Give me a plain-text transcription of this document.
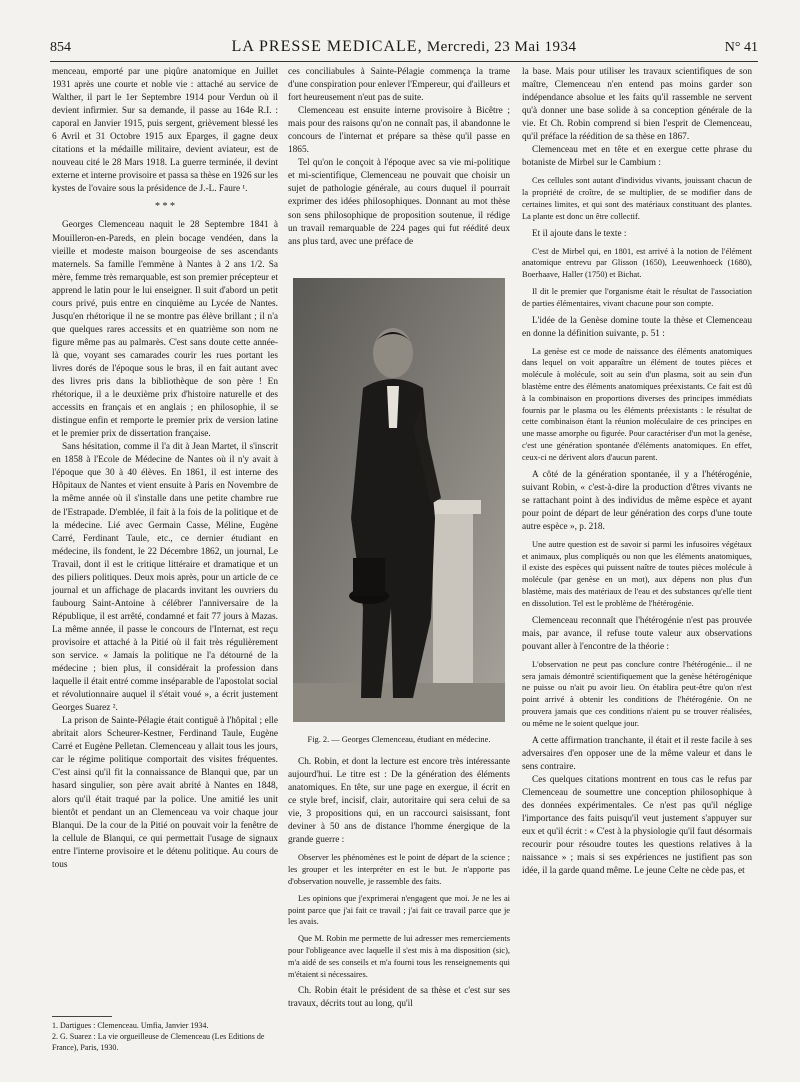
854	LA PRESSE MEDICALE, Mercredi, 23 Mai 1934	N° 41

menceau, emporté par une piqûre anatomique en Juillet 1931 après une courte et noble vie : attaché au service de Walther, il part le 1er Septembre 1914 pour Verdun où il devient infirmier. Sur sa demande, il passe au 164e R.I. : caporal en Janvier 1915, puis sergent, grièvement blessé les 6 Avril et 31 Octobre 1915 aux Eparges, il gagne deux citations et la médaille militaire, devient aviateur, est de nouveau cité le 28 Mars 1918. La guerre terminée, il devint externe et interne provisoire et passa sa thèse en 1926 sur les kystes de l'ovaire sous la présidence de J.-L. Faure ¹.

* * *

Georges Clemenceau naquit le 28 Septembre 1841 à Mouilleron-en-Pareds, en plein bocage vendéen, dans la vieille et modeste maison bourgeoise de ses ascendants maternels. Sa famille l'emmène à Nantes à 2 ans 1/2. Sa mère, femme très remarquable, est son premier précepteur et apprend le latin pour le lui enseigner. Il suit d'abord un petit cours privé, puis entre en cinquième au Lycée de Nantes. Jusqu'en rhétorique il ne se montre pas élève brillant ; il n'a que quelques rares accessits et en quatrième son nom ne figure même pas au palmarès. C'est sans doute cette année-là que, voyant ses camarades courir les rues portant les livres dorés de l'époque sous le bras, il en fait autant avec des livres pris dans la bibliothèque de son père ! En rhétorique, il a le deuxième prix d'histoire naturelle et des accessits en français et en anglais ; en philosophie, il se distingue enfin et remporte le premier prix de version latine et le premier prix de dissertation française.

Sans hésitation, comme il l'a dit à Jean Martet, il s'inscrit en 1858 à l'Ecole de Médecine de Nantes où il n'y avait à l'époque que 30 à 40 élèves. En 1861, il est interne des Hôpitaux de Nantes et vient ensuite à Paris en Novembre de la même année où il s'installe dans une petite chambre rue de l'Estrapade. D'emblée, il fait à la fois de la politique et de la médecine. Lié avec Germain Casse, Méline, Eugène Carré, Ferdinant Taule, etc., ce dernier étudiant en médecine, ils fondent, le 22 Décembre 1862, un journal, Le Travail, dont il est le critique littéraire et dramatique et un des piliers politiques. Deux mois après, pour un article de ce journal et un affichage de placards invitant les ouvriers du faubourg Saint-Antoine à célébrer l'anniversaire de la République, il est arrêté, condamné et fait 77 jours à Mazas. La même année, il passe le concours de l'Internat, est reçu provisoire et attaché à la Pitié où il fait très régulièrement son service. « Jamais la politique ne l'a détourné de la médecine ; bien plus, il considérait la profession dans laquelle il était entré comme inséparable de l'apostolat social et révolutionnaire auquel il s'était voué », a écrit justement Georges Suarez ².

La prison de Sainte-Pélagie était contiguë à l'hôpital ; elle abritait alors Scheurer-Kestner, Ferdinand Taule, Eugène Carré et Eugène Pelletan. Clemenceau y allait tous les jours, car le régime politique comportait des visites fréquentes. C'est ainsi qu'il fit la connaissance de Blanqui que, par un hasard singulier, son père avait abrité à Nantes en 1848, alors qu'il était traqué par la police. Une amitié les unit bientôt et pendant un an Clemenceau va voir chaque jour Blanqui. De la cour de la Pitié on pouvait voir la fenêtre de la cellule de Blanqui, ce qui permettait l'usage de signaux entre l'interne provisoire et le détenu politique. Au cours de tous

1. Dartigues : Clemenceau. Umfia, Janvier 1934.
2. G. Suarez : La vie orgueilleuse de Clemenceau (Les Editions de France), Paris, 1930.

ces conciliabules à Sainte-Pélagie commença la trame d'une conspiration pour enlever l'Empereur, qui d'ailleurs et fort heureusement n'eut pas de suite.

Clemenceau est ensuite interne provisoire à Bicêtre ; mais pour des raisons qu'on ne connaît pas, il abandonne le concours de l'internat et prépare sa thèse qu'il passe en 1865.

Tel qu'on le conçoit à l'époque avec sa vie mi-politique et mi-scientifique, Clemenceau ne pouvait que choisir un sujet de pathologie générale, au cours duquel il pourrait exprimer des idées philosophiques. Donnant au mot thèse son sens philosophique de proposition soutenue, il rédige un travail remarquable de 224 pages qui fut réédité deux ans plus tard, avec une préface de

Fig. 2. — Georges Clemenceau, étudiant en médecine.

Ch. Robin, et dont la lecture est encore très intéressante aujourd'hui. Le titre est : De la génération des éléments anatomiques. En tête, sur une page en exergue, il écrit en ce style bref, incisif, clair, autoritaire qui sera celui de sa vie, 3 propositions qui, en un raccourci saisissant, font deviner à 50 ans de distance l'homme énergique de la grande guerre :

Observer les phénomènes est le point de départ de la science ; les grouper et les interpréter en est le but. Je n'apporte pas d'observation nouvelle, je rassemble des faits.

Les opinions que j'exprimerai n'engagent que moi. Je ne les ai point parce que j'ai fait ce travail ; j'ai fait ce travail parce que je les avais.

Que M. Robin me permette de lui adresser mes remerciements pour l'obligeance avec laquelle il s'est mis à ma disposition (sic), m'a aidé de ses conseils et m'a fourni tous les renseignements qui m'étaient si nécessaires.

Ch. Robin était le président de sa thèse et c'est sur ses travaux, décrits tout au long, qu'il

la base. Mais pour utiliser les travaux scientifiques de son maître, Clemenceau n'en entend pas moins garder son indépendance absolue et les faits qu'il rassemble ne servent qu'à donner une base solide à sa conception générale de la vie. Et Ch. Robin comprend si bien l'esprit de Clemenceau, qu'il préface la réédition de sa thèse en 1867.

Clemenceau met en tête et en exergue cette phrase du botaniste de Mirbel sur le Cambium :

Ces cellules sont autant d'individus vivants, jouissant chacun de la propriété de croître, de se multiplier, de se modifier dans de certaines limites, et qui sont des matériaux constituant des plantes. La plante est donc un être collectif.

Et il ajoute dans le texte :

C'est de Mirbel qui, en 1801, est arrivé à la notion de l'élément anatomique entrevu par Glisson (1650), Leeuwenhoeck (1680), Boerhaave, Haller (1750) et Bichat.

Il dit le premier que l'organisme était le résultat de l'association de parties élémentaires, vivant chacune pour son compte.

L'idée de la Genèse domine toute la thèse et Clemenceau en donne la définition suivante, p. 51 :

La genèse est ce mode de naissance des éléments anatomiques dans lequel on voit apparaître un élément de toutes pièces et molécule à molécule, soit au sein d'un plasma, soit au sein d'un blastème entre des éléments anatomiques préexistants. Ce fait est dû à la combinaison en proportions diverses des principes immédiats fournis par le plasma ou les éléments préexistants : le résultat de cette combinaison étant la réunion moléculaire de ces principes en une masse amorphe ou figurée. Pour caractériser d'un mot la genèse, c'est une génération spontanée d'éléments anatomiques. En effet, ceux-ci ne dérivent alors d'aucun parent.

A côté de la génération spontanée, il y a l'hétérogénie, suivant Robin, « c'est-à-dire la production d'êtres vivants ne se rattachant point à des individus de même espèce et ayant pour point de départ de leur génération des corps d'une toute autre espèce », p. 218.

Une autre question est de savoir si parmi les infusoires végétaux et animaux, plus compliqués ou non que les éléments anatomiques, il existe des espèces qui puissent naître de toutes pièces molécule à molécule (par genèse en un mot), aux dépens non plus d'un blastème, mais des matériaux de l'eau et des substances qu'elle tient en dissolution. Tel est le problème de l'hétérogénie.

Clemenceau reconnaît que l'hétérogénie n'est pas prouvée mais, par avance, il refuse toute valeur aux observations pouvant aller à l'encontre de la théorie :

L'observation ne peut pas conclure contre l'hétérogénie... il ne sera jamais démontré scientifiquement que la genèse hétérogénique ne puisse ou n'ait pu avoir lieu. On établira peut-être qu'on n'est point arrivé à obtenir les conditions de l'hétérogénie. On ne prouvera jamais que ces conditions n'aient pu se trouver réalisées, ou même ne le soient quelque jour.

A cette affirmation tranchante, il était et il reste facile à ses adversaires d'en opposer une de la même valeur et dans le sens contraire.

Ces quelques citations montrent en tous cas le refus par Clemenceau de soumettre une conception philosophique à des données expérimentales. Ce n'est pas qu'il néglige l'importance des faits puisqu'il veut justement s'appuyer sur eux et qu'il écrit : « C'est à la physiologie qu'il faut désormais recourir pour résoudre toutes les questions relatives à la naissance » ; mais si ses expériences ne justifient pas son idée, il la garde quand même. Le jeune Celte ne cède pas, et
